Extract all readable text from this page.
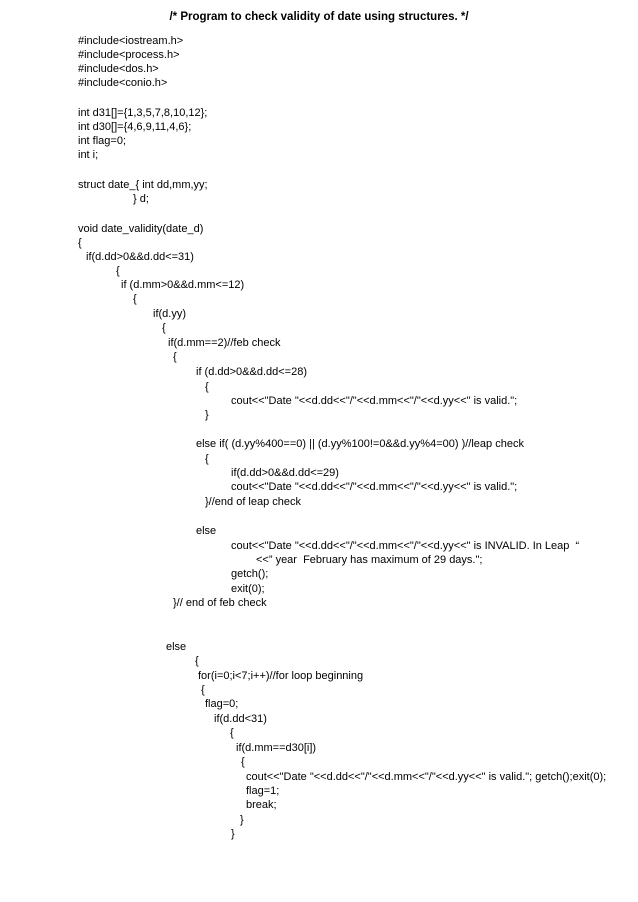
/* Program to check validity of date using structures. */
#include<iostream.h>
#include<process.h>
#include<dos.h>
#include<conio.h>
int d31[]={1,3,5,7,8,10,12};
int d30[]={4,6,9,11,4,6};
int flag=0;
int i;
struct date_{ int dd,mm,yy;
} d;
void date_validity(date_d)
{
if(d.dd>0&&d.dd<=31)
{
if (d.mm>0&&d.mm<=12)
{
if(d.yy)
{
if(d.mm==2)//feb check
{
if (d.dd>0&&d.dd<=28)
{
cout<<"Date "<<d.dd<<"/"<<d.mm<<"/"<<d.yy<<" is valid.";
}
else if( (d.yy%400==0) || (d.yy%100!=0&&d.yy%4=00) )//leap check
{
if(d.dd>0&&d.dd<=29)
cout<<"Date "<<d.dd<<"/"<<d.mm<<"/"<<d.yy<<" is valid.";
}//end of leap check
else
cout<<"Date "<<d.dd<<"/"<<d.mm<<"/"<<d.yy<<" is INVALID. In Leap  “
<<” year  February has maximum of 29 days.";
getch();
exit(0);
}// end of feb check
else
{
for(i=0;i<7;i++)//for loop beginning
{
flag=0;
if(d.dd<31)
{
if(d.mm==d30[i])
{
cout<<"Date "<<d.dd<<"/"<<d.mm<<"/"<<d.yy<<" is valid."; getch();exit(0);
flag=1;
break;
}
}
